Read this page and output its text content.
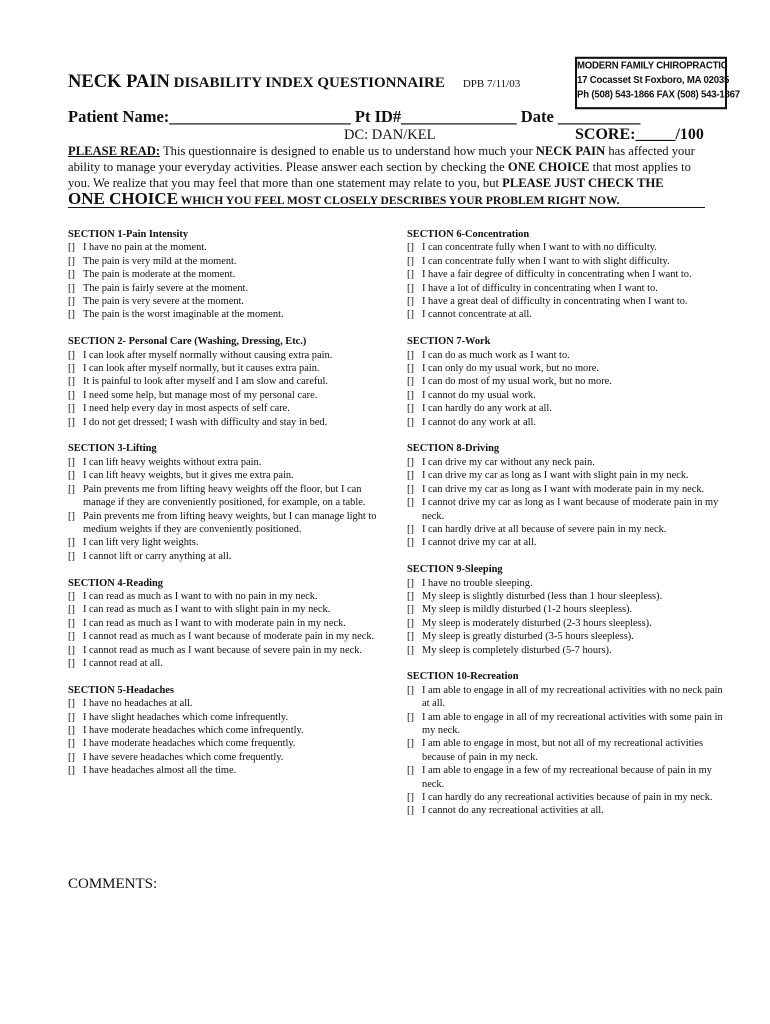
MODERN FAMILY CHIROPRACTIC
17 Cocasset St Foxboro, MA 02035
Ph (508) 543-1866 FAX (508) 543-1867
NECK PAIN DISABILITY INDEX QUESTIONNAIRE DPB 7/11/03
Patient Name:______________________ Pt ID#______________ Date __________
DC: DAN/KEL	SCORE:_____/100
PLEASE READ: This questionnaire is designed to enable us to understand how much your NECK PAIN has affected your ability to manage your everyday activities. Please answer each section by checking the ONE CHOICE that most applies to you. We realize that you may feel that more than one statement may relate to you, but PLEASE JUST CHECK THE
ONE CHOICE WHICH YOU FEEL MOST CLOSELY DESCRIBES YOUR PROBLEM RIGHT NOW.
SECTION 1-Pain Intensity
[] I have no pain at the moment.
[] The pain is very mild at the moment.
[] The pain is moderate at the moment.
[] The pain is fairly severe at the moment.
[] The pain is very severe at the moment.
[] The pain is the worst imaginable at the moment.
SECTION 2- Personal Care (Washing, Dressing, Etc.)
[] I can look after myself normally without causing extra pain.
[] I can look after myself normally, but it causes extra pain.
[] It is painful to look after myself and I am slow and careful.
[] I need some help, but manage most of my personal care.
[] I need help every day in most aspects of self care.
[] I do not get dressed; I wash with difficulty and stay in bed.
SECTION 3-Lifting
[] I can lift heavy weights without extra pain.
[] I can lift heavy weights, but it gives me extra pain.
[] Pain prevents me from lifting heavy weights off the floor, but I can manage if they are conveniently positioned, for example, on a table.
[] Pain prevents me from lifting heavy weights, but I can manage light to medium weights if they are conveniently positioned.
[] I can lift very light weights.
[] I cannot lift or carry anything at all.
SECTION 4-Reading
[] I can read as much as I want to with no pain in my neck.
[] I can read as much as I want to with slight pain in my neck.
[] I can read as much as I want to with moderate pain in my neck.
[] I cannot read as much as I want because of moderate pain in my neck.
[] I cannot read as much as I want because of severe pain in my neck.
[] I cannot read at all.
SECTION 5-Headaches
[] I have no headaches at all.
[] I have slight headaches which come infrequently.
[] I have moderate headaches which come infrequently.
[] I have moderate headaches which come frequently.
[] I have severe headaches which come frequently.
[] I have headaches almost all the time.
SECTION 6-Concentration
[] I can concentrate fully when I want to with no difficulty.
[] I can concentrate fully when I want to with slight difficulty.
[] I have a fair degree of difficulty in concentrating when I want to.
[] I have a lot of difficulty in concentrating when I want to.
[] I have a great deal of difficulty in concentrating when I want to.
[] I cannot concentrate at all.
SECTION 7-Work
[] I can do as much work as I want to.
[] I can only do my usual work, but no more.
[] I can do most of my usual work, but no more.
[] I cannot do my usual work.
[] I can hardly do any work at all.
[] I cannot do any work at all.
SECTION 8-Driving
[] I can drive my car without any neck pain.
[] I can drive my car as long as I want with slight pain in my neck.
[] I can drive my car as long as I want with moderate pain in my neck.
[] I cannot drive my car as long as I want because of moderate pain in my neck.
[] I can hardly drive at all because of severe pain in my neck.
[] I cannot drive my car at all.
SECTION 9-Sleeping
[] I have no trouble sleeping.
[] My sleep is slightly disturbed (less than 1 hour sleepless).
[] My sleep is mildly disturbed (1-2 hours sleepless).
[] My sleep is moderately disturbed (2-3 hours sleepless).
[] My sleep is greatly disturbed (3-5 hours sleepless).
[] My sleep is completely disturbed (5-7 hours).
SECTION 10-Recreation
[] I am able to engage in all of my recreational activities with no neck pain at all.
[] I am able to engage in all of my recreational activities with some pain in my neck.
[] I am able to engage in most, but not all of my recreational activities because of pain in my neck.
[] I am able to engage in a few of my recreational because of pain in my neck.
[] I can hardly do any recreational activities because of pain in my neck.
[] I cannot do any recreational activities at all.
COMMENTS:
